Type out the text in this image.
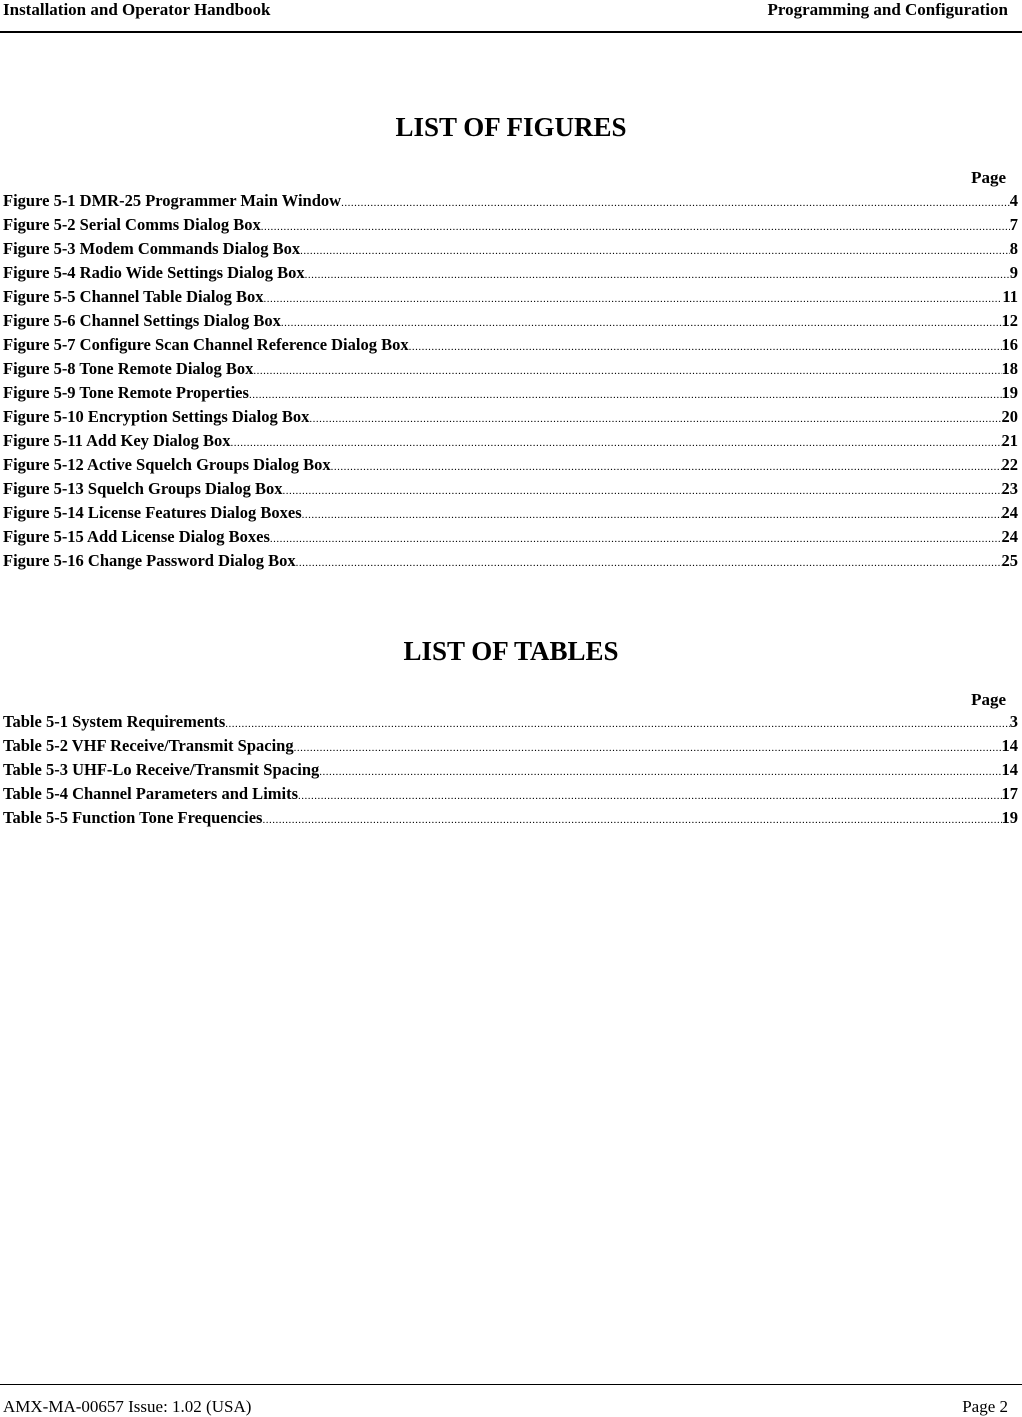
Installation and Operator Handbook	Programming and Configuration
LIST OF FIGURES
Page
Figure 5-1 DMR-25 Programmer Main Window .....	4
Figure 5-2 Serial Comms Dialog Box .....	7
Figure 5-3 Modem Commands Dialog Box .....	8
Figure 5-4 Radio Wide Settings Dialog Box .....	9
Figure 5-5 Channel Table Dialog Box .....	11
Figure 5-6 Channel Settings Dialog Box .....	12
Figure 5-7 Configure Scan Channel Reference Dialog Box .....	16
Figure 5-8 Tone Remote Dialog Box .....	18
Figure 5-9 Tone Remote Properties .....	19
Figure 5-10 Encryption Settings Dialog Box .....	20
Figure 5-11 Add Key Dialog Box .....	21
Figure 5-12 Active Squelch Groups Dialog Box .....	22
Figure 5-13 Squelch Groups Dialog Box .....	23
Figure 5-14 License Features Dialog Boxes .....	24
Figure 5-15 Add License Dialog Boxes .....	24
Figure 5-16 Change Password Dialog Box .....	25
LIST OF TABLES
Page
Table 5-1 System Requirements .....	3
Table 5-2 VHF Receive/Transmit Spacing .....	14
Table 5-3 UHF-Lo Receive/Transmit Spacing .....	14
Table 5-4 Channel Parameters and Limits .....	17
Table 5-5 Function Tone Frequencies .....	19
AMX-MA-00657 Issue: 1.02 (USA)	Page 2
